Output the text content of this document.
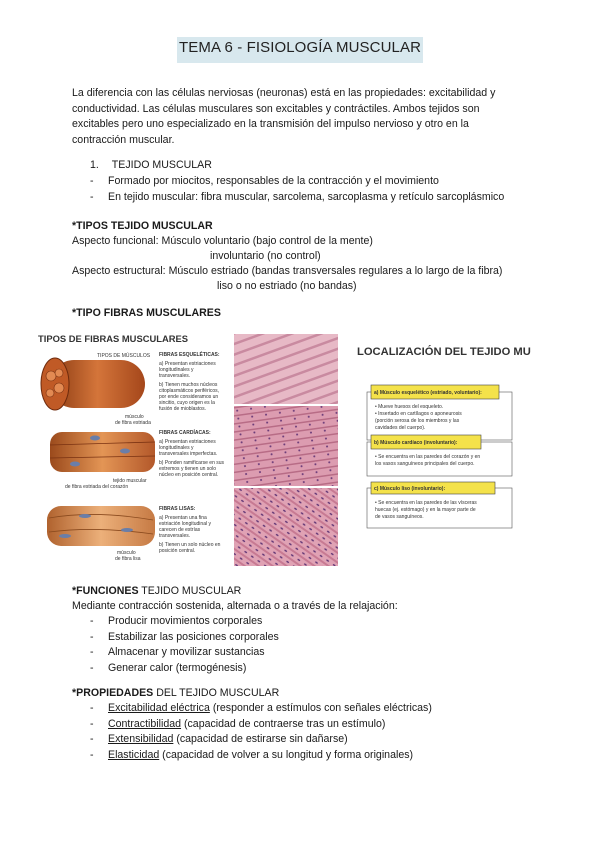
TEMA 6 - FISIOLOGÍA MUSCULAR
La diferencia con las células nerviosas (neuronas) está en las propiedades: excitabilidad y
conductividad. Las células musculares son excitables y contráctiles. Ambos tejidos son
excitables pero uno especializado en la transmisión del impulso nervioso y otro en la
contracción muscular.
1. TEJIDO MUSCULAR
- Formado por miocitos, responsables de la contracción y el movimiento
- En tejido muscular: fibra muscular, sarcolema, sarcoplasma y retículo sarcoplásmico
*TIPOS TEJIDO MUSCULAR
Aspecto funcional: Músculo voluntario (bajo control de la mente)
involuntario (no control)
Aspecto estructural: Músculo estriado (bandas transversales regulares a lo largo de la fibra)
liso o no estriado (no bandas)
*TIPO FIBRAS MUSCULARES
TIPOS DE FIBRAS MUSCULARES
TIPOS DE MÚSCULOS
músculo
de fibra estriada
tejido muscular
de fibra estriada del corazón
músculo
de fibra lisa
FIBRAS ESQUELÉTICAS:
a) Presentan estriaciones
longitudinales y
transversales.
b) Tienen muchos núcleos
citoplasmáticos periféricos,
por ende consideramos un
sincitio, cuyo origen es la
fusión de mioblastos.
FIBRAS CARDÍACAS:
a) Presentan estriaciones
longitudinales y
transversales imperfectas.
b) Ponden ramificarse en sus
extremos y tienen un solo
núcleo en posición central.
FIBRAS LISAS:
a) Presentan una fina
estriación longitudinal y
carecen de estrías
transversales.
b) Tienen un solo núcleo en
posición central.
LOCALIZACIÓN DEL TEJIDO MU
a) Músculo esquelético (estriado, voluntario):
• Mueve huesos del esqueleto.
• Insertado en cartílagos o aponeurosis
(porción serosa de los miembros y las
cavidades del cuerpo).
b) Músculo cardíaco (involuntario):
• Se encuentra en las paredes del corazón y en
los vasos sanguíneos principales del cuerpo.
c) Músculo liso (involuntario):
• Se encuentra en las paredes de las vísceras
huecas (ej. estómago) y en la mayor parte de
de vasos sanguíneos.
*FUNCIONES TEJIDO MUSCULAR
Mediante contracción sostenida, alternada o a través de la relajación:
- Producir movimientos corporales
- Estabilizar las posiciones corporales
- Almacenar y movilizar sustancias
- Generar calor (termogénesis)
*PROPIEDADES DEL TEJIDO MUSCULAR
- Excitabilidad eléctrica (responder a estímulos con señales eléctricas)
- Contractibilidad (capacidad de contraerse tras un estímulo)
- Extensibilidad (capacidad de estirarse sin dañarse)
- Elasticidad (capacidad de volver a su longitud y forma originales)
